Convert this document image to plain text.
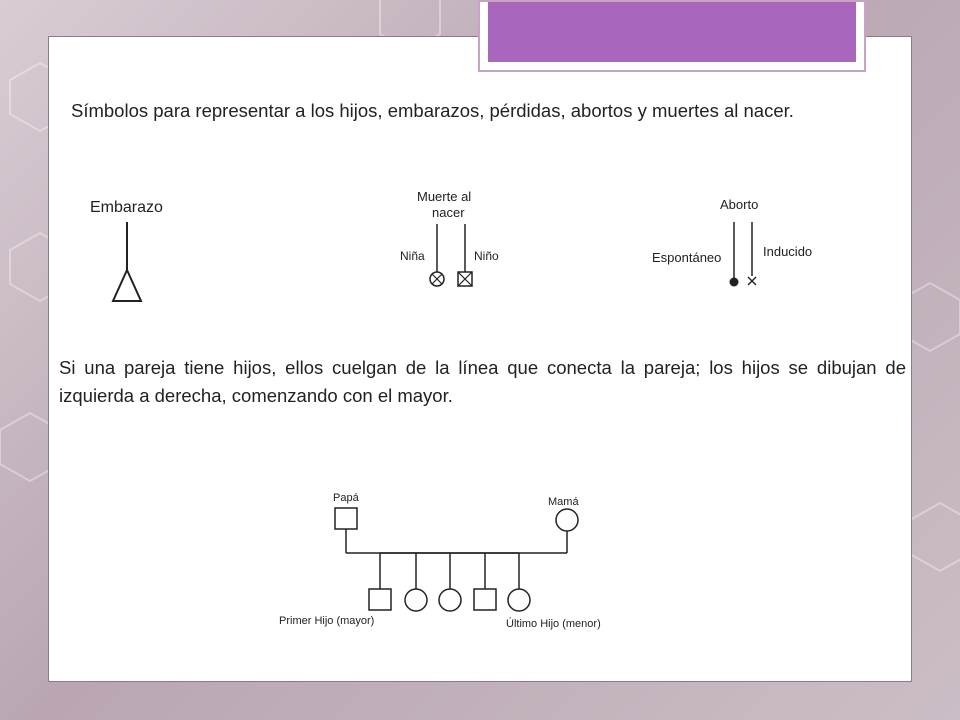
Símbolos para representar a los hijos, embarazos, pérdidas, abortos y muertes al nacer.

Embarazo
Muerte al
nacer
Niña	Niño
Aborto
Espontáneo	Inducido

Si una pareja tiene hijos, ellos cuelgan de la línea que conecta la pareja; los hijos se dibujan de izquierda a derecha, comenzando con el mayor.

Papá	Mamá
Primer Hijo (mayor)	Último Hijo (menor)
